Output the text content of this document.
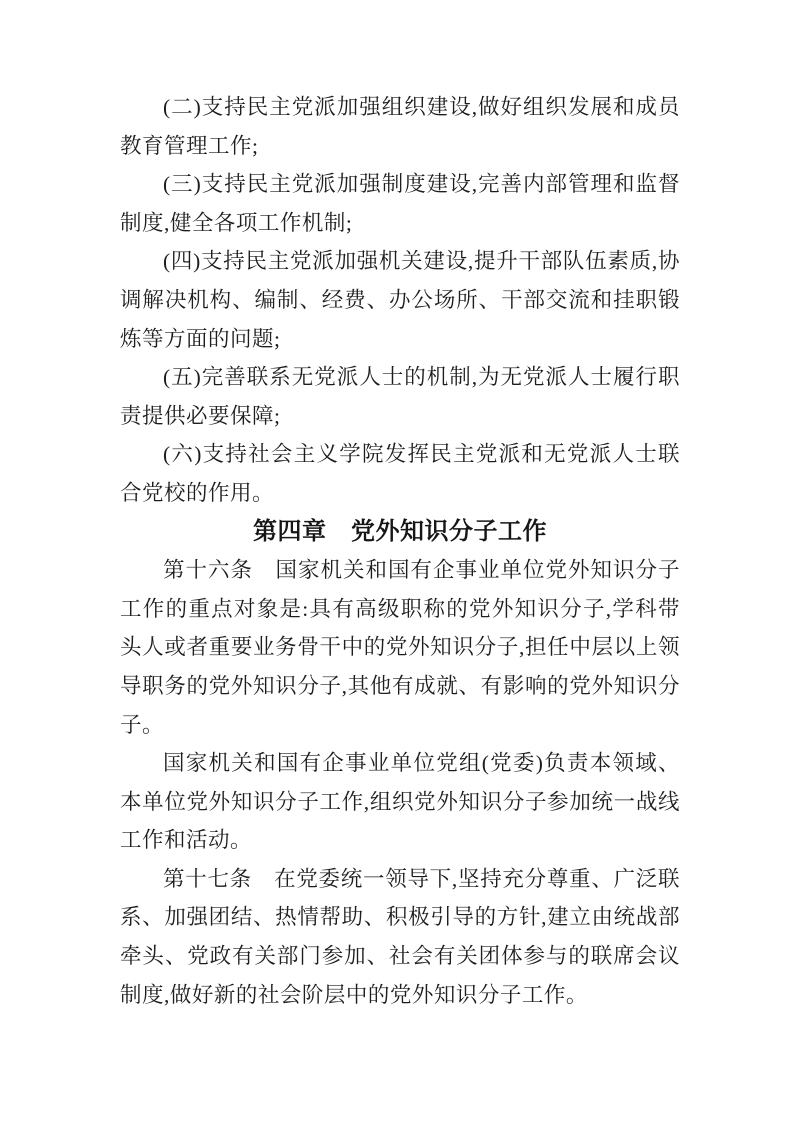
(二)支持民主党派加强组织建设,做好组织发展和成员教育管理工作;

(三)支持民主党派加强制度建设,完善内部管理和监督制度,健全各项工作机制;

(四)支持民主党派加强机关建设,提升干部队伍素质,协调解决机构、编制、经费、办公场所、干部交流和挂职锻炼等方面的问题;

(五)完善联系无党派人士的机制,为无党派人士履行职责提供必要保障;

(六)支持社会主义学院发挥民主党派和无党派人士联合党校的作用。

第四章　党外知识分子工作

第十六条　国家机关和国有企事业单位党外知识分子工作的重点对象是:具有高级职称的党外知识分子,学科带头人或者重要业务骨干中的党外知识分子,担任中层以上领导职务的党外知识分子,其他有成就、有影响的党外知识分子。

国家机关和国有企事业单位党组(党委)负责本领域、本单位党外知识分子工作,组织党外知识分子参加统一战线工作和活动。

第十七条　在党委统一领导下,坚持充分尊重、广泛联系、加强团结、热情帮助、积极引导的方针,建立由统战部牵头、党政有关部门参加、社会有关团体参与的联席会议制度,做好新的社会阶层中的党外知识分子工作。
